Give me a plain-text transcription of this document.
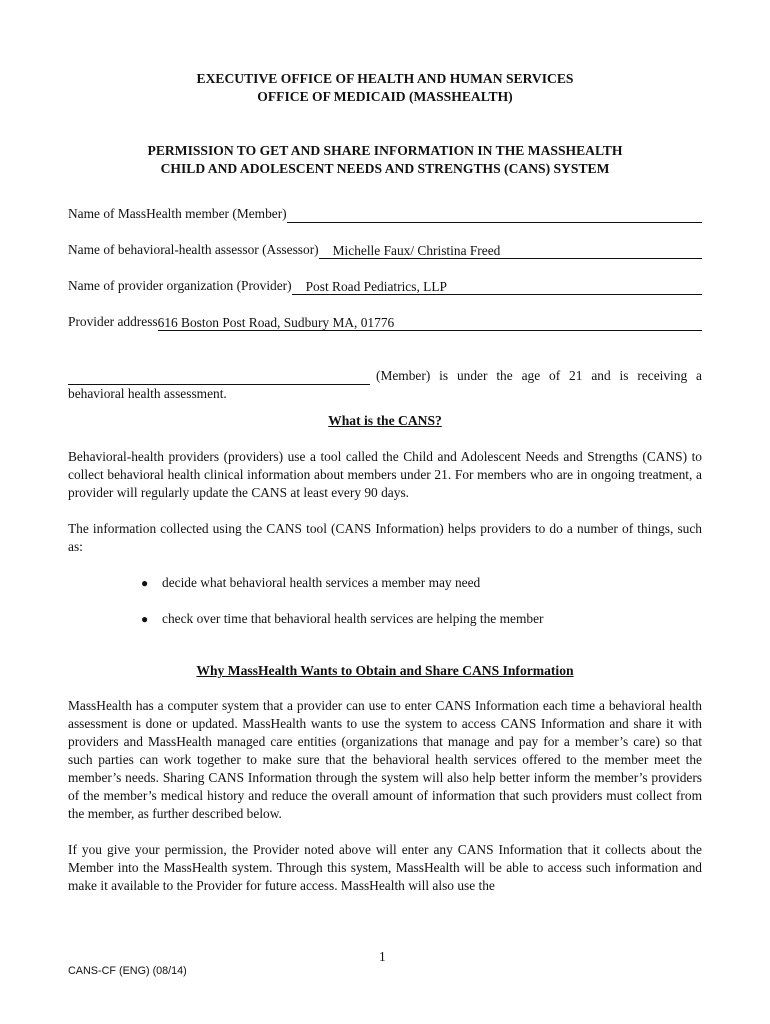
EXECUTIVE OFFICE OF HEALTH AND HUMAN SERVICES
OFFICE OF MEDICAID (MASSHEALTH)
PERMISSION TO GET AND SHARE INFORMATION IN THE MASSHEALTH
CHILD AND ADOLESCENT NEEDS AND STRENGTHS (CANS) SYSTEM
Name of MassHealth member (Member)
Name of behavioral-health assessor (Assessor)	Michelle Faux/ Christina Freed
Name of provider organization (Provider)	Post Road Pediatrics, LLP
Provider address 616 Boston Post Road, Sudbury MA, 01776
(Member) is under the age of 21 and is receiving a
behavioral health assessment.
What is the CANS?

Behavioral-health providers (providers) use a tool called the Child and Adolescent Needs and Strengths (CANS) to collect behavioral health clinical information about members under 21. For members who are in ongoing treatment, a provider will regularly update the CANS at least every 90 days.

The information collected using the CANS tool (CANS Information) helps providers to do a number of things, such as:

● decide what behavioral health services a member may need
● check over time that behavioral health services are helping the member
Why MassHealth Wants to Obtain and Share CANS Information

MassHealth has a computer system that a provider can use to enter CANS Information each time a behavioral health assessment is done or updated. MassHealth wants to use the system to access CANS Information and share it with providers and MassHealth managed care entities (organizations that manage and pay for a member’s care) so that such parties can work together to make sure that the behavioral health services offered to the member meet the member’s needs. Sharing CANS Information through the system will also help better inform the member’s providers of the member’s medical history and reduce the overall amount of information that such providers must collect from the member, as further described below.

If you give your permission, the Provider noted above will enter any CANS Information that it collects about the Member into the MassHealth system. Through this system, MassHealth will be able to access such information and make it available to the Provider for future access. MassHealth will also use the

1
CANS-CF (ENG) (08/14)
